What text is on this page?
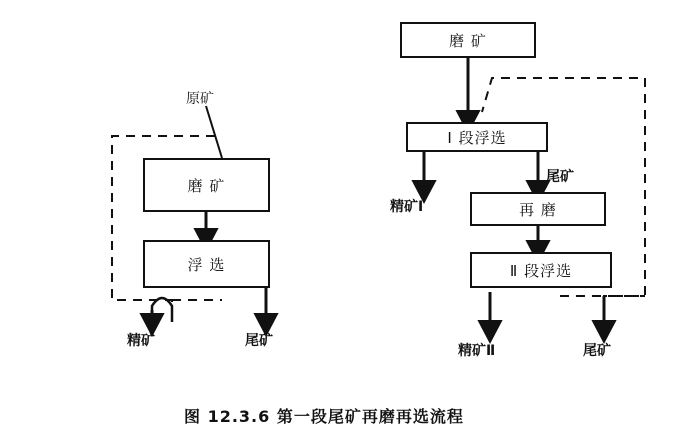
磨 矿
浮 选
原矿
精矿	尾矿
磨 矿
Ⅰ 段浮选
再 磨
Ⅱ 段浮选
精矿Ⅰ
尾矿
精矿Ⅱ	尾矿
图 12.3.6 第一段尾矿再磨再选流程
